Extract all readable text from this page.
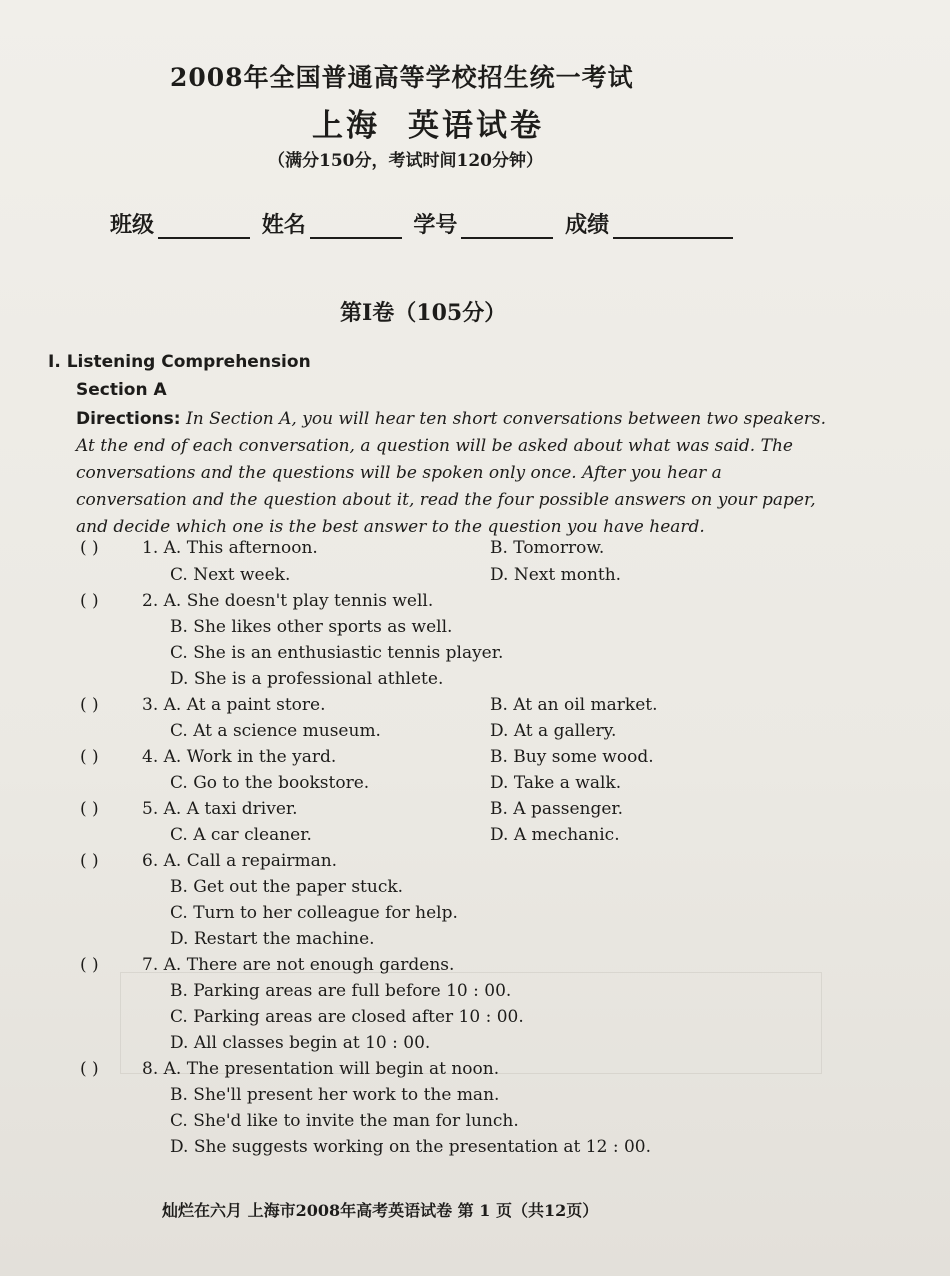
2008年全国普通高等学校招生统一考试
上海 英语试卷
（满分150分，考试时间120分钟）
班级	姓名	学号	成绩
第Ⅰ卷（105分）
I. Listening Comprehension
Section A
Directions: In Section A, you will hear ten short conversations between two speakers. At the end of each conversation, a question will be asked about what was said. The conversations and the questions will be spoken only once. After you hear a conversation and the question about it, read the four possible answers on your paper, and decide which one is the best answer to the question you have heard.
( )	1. A. This afternoon.	B. Tomorrow.
C. Next week.	D. Next month.
( )	2. A. She doesn't play tennis well.
B. She likes other sports as well.
C. She is an enthusiastic tennis player.
D. She is a professional athlete.
( )	3. A. At a paint store.	B. At an oil market.
C. At a science museum.	D. At a gallery.
( )	4. A. Work in the yard.	B. Buy some wood.
C. Go to the bookstore.	D. Take a walk.
( )	5. A. A taxi driver.	B. A passenger.
C. A car cleaner.	D. A mechanic.
( )	6. A. Call a repairman.
B. Get out the paper stuck.
C. Turn to her colleague for help.
D. Restart the machine.
( )	7. A. There are not enough gardens.
B. Parking areas are full before 10 : 00.
C. Parking areas are closed after 10 : 00.
D. All classes begin at 10 : 00.
( )	8. A. The presentation will begin at noon.
B. She'll present her work to the man.
C. She'd like to invite the man for lunch.
D. She suggests working on the presentation at 12 : 00.
灿烂在六月 上海市2008年高考英语试卷 第 1 页（共12页）
